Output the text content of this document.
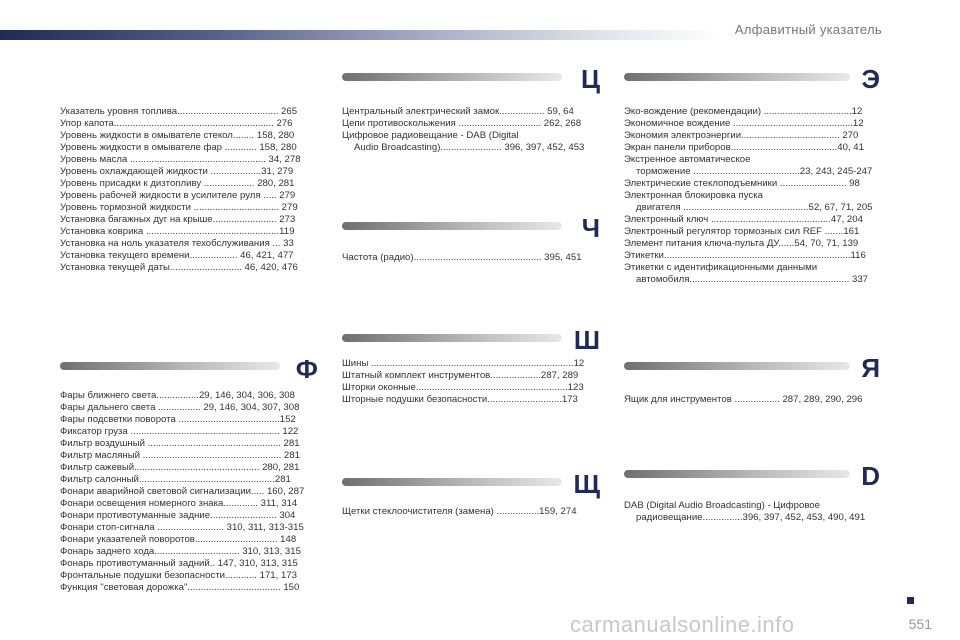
Алфавитный указатель
Указатель уровня топлива...................................... 265
Упор капота............................................................ 276
Уровень жидкости в омывателе стекол........ 158, 280
Уровень жидкости в омывателе фар ............ 158, 280
Уровень масла ................................................... 34, 278
Уровень охлаждающей жидкости ...................31, 279
Уровень присадки к дизтопливу ................... 280, 281
Уровень рабочей жидкости в усилителе руля ..... 279
Уровень тормозной жидкости ................................ 279
Установка багажных дуг на крыше........................ 273
Установка коврика ..................................................119
Установка на ноль указателя техобслуживания ... 33
Установка текущего времени.................. 46, 421, 477
Установка текущей даты........................... 46, 420, 476
Ф
Фары ближнего света................29, 146, 304, 306, 308
Фары дальнего света ................ 29, 146, 304, 307, 308
Фары подсветки поворота ......................................152
Фиксатор груза ........................................................ 122
Фильтр воздушный .................................................. 281
Фильтр масляный .................................................... 281
Фильтр сажевый............................................... 280, 281
Фильтр салонный...................................................281
Фонари аварийной световой сигнализации..... 160, 287
Фонари освещения номерного знака............. 311, 314
Фонари противотуманные задние......................... 304
Фонари стоп-сигнала ......................... 310, 311, 313-315
Фонари указателей поворотов............................... 148
Фонарь заднего хода................................ 310, 313, 315
Фонарь противотуманный задний.. 147, 310, 313, 315
Фронтальные подушки безопасности............ 171, 173
Функция "световая дорожка"................................... 150
Ц
Центральный электрический замок................. 59, 64
Цепи противоскольжения ............................... 262, 268
Цифровое радиовещание - DAB (Digital
Audio Broadcasting)....................... 396, 397, 452, 453
Ч
Частота (радио)................................................ 395, 451
Ш
Шины ............................................................................12
Штатный комплект инструментов...................287, 289
Шторки оконные.........................................................123
Шторные подушки безопасности............................173
Щ
Щетки стеклоочистителя (замена) ................159, 274
Э
Эко-вождение (рекомендации) .................................12
Экономичное вождение .............................................12
Экономия электроэнергии..................................... 270
Экран панели приборов........................................40, 41
Экстренное автоматическое
торможение ........................................23, 243, 245-247
Электрические стеклоподъемники ......................... 98
Электронная блокировка пуска
двигателя ...............................................52, 67, 71, 205
Электронный ключ .............................................47, 204
Электронный регулятор тормозных сил REF .......161
Элемент питания ключа-пульта ДУ......54, 70, 71, 139
Этикетки......................................................................116
Этикетки с идентификационными данными
автомобиля............................................................ 337
Я
Ящик для инструментов ................. 287, 289, 290, 296
D
DAB (Digital Audio Broadcasting) - Цифровое
радиовещание...............396, 397, 452, 453, 490, 491
551
carmanualsonline.info
